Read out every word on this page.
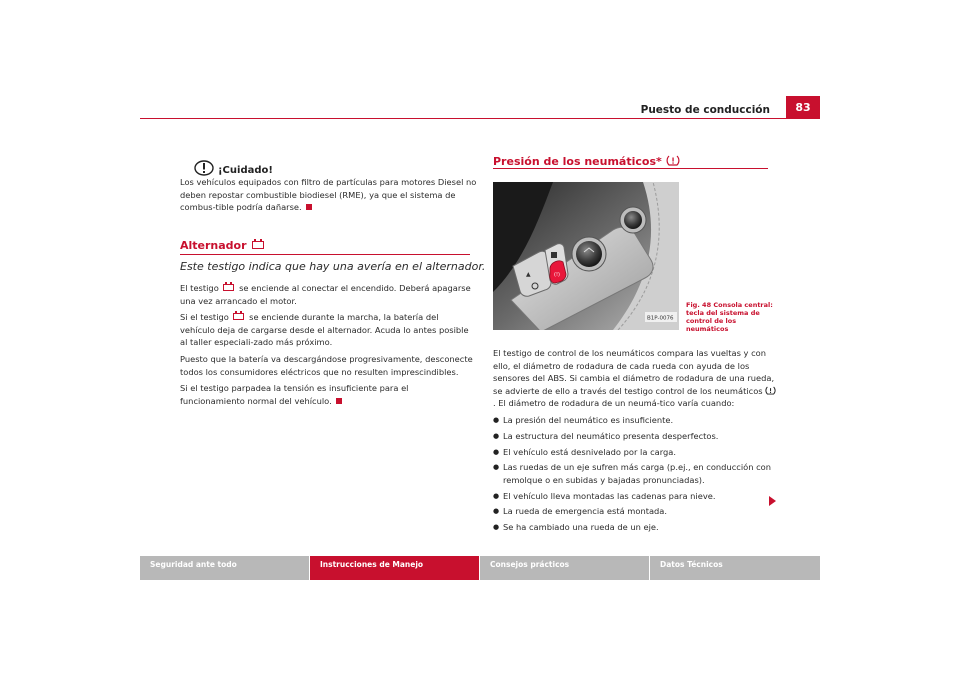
Puesto de conducción	83
¡Cuidado!
Los vehículos equipados con filtro de partículas para motores Diesel no deben repostar combustible biodiesel (RME), ya que el sistema de combus-tible podría dañarse.
Alternador
Este testigo indica que hay una avería en el alternador.

El testigo se enciende al conectar el encendido. Deberá apagarse una vez arrancado el motor.

Si el testigo se enciende durante la marcha, la batería del vehículo deja de cargarse desde el alternador. Acuda lo antes posible al taller especiali-zado más próximo.

Puesto que la batería va descargándose progresivamente, desconecte todos los consumidores eléctricos que no resulten imprescindibles.

Si el testigo parpadea la tensión es insuficiente para el funcionamiento normal del vehículo.

Presión de los neumáticos*
▲	(!)
B1P-0076
Fig. 48 Consola central: tecla del sistema de control de los neumáticos

El testigo de control de los neumáticos compara las vueltas y con ello, el diámetro de rodadura de cada rueda con ayuda de los sensores del ABS. Si cambia el diámetro de rodadura de una rueda, se advierte de ello a través del testigo control de los neumáticos . El diámetro de rodadura de un neumá-tico varía cuando:

● La presión del neumático es insuficiente.
● La estructura del neumático presenta desperfectos.
● El vehículo está desnivelado por la carga.
● Las ruedas de un eje sufren más carga (p.ej., en conducción con remolque o en subidas y bajadas pronunciadas).
● El vehículo lleva montadas las cadenas para nieve.
● La rueda de emergencia está montada.
● Se ha cambiado una rueda de un eje.
Seguridad ante todo	Instrucciones de Manejo	Consejos prácticos	Datos Técnicos
